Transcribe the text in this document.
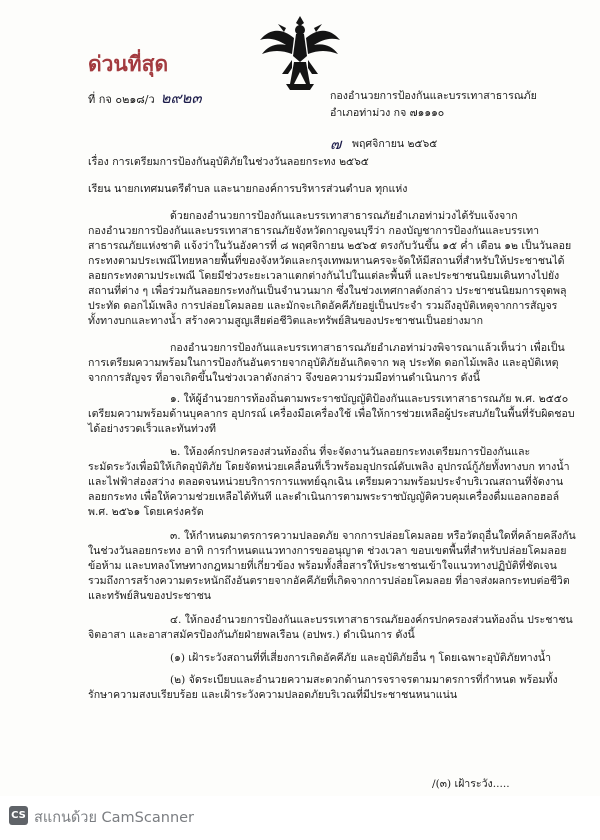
ด่วนที่สุด
ที่ กจ ๐๒๑๘/ว ๒๙๒๓	กองอำนวยการป้องกันและบรรเทาสาธารณภัย
อำเภอท่าม่วง กจ ๗๑๑๑๐
๗ พฤศจิกายน ๒๕๖๕
เรื่อง การเตรียมการป้องกันอุบัติภัยในช่วงวันลอยกระทง ๒๕๖๕
เรียน นายกเทศมนตรีตำบล และนายกองค์การบริหารส่วนตำบล ทุกแห่ง
ด้วยกองอำนวยการป้องกันและบรรเทาสาธารณภัยอำเภอท่าม่วงได้รับแจ้งจาก
กองอำนวยการป้องกันและบรรเทาสาธารณภัยจังหวัดกาญจนบุรีว่า กองบัญชาการป้องกันและบรรเทา
สาธารณภัยแห่งชาติ แจ้งว่าในวันอังคารที่ ๘ พฤศจิกายน ๒๕๖๕ ตรงกับวันขึ้น ๑๕ ค่ำ เดือน ๑๒ เป็นวันลอย
กระทงตามประเพณีไทยหลายพื้นที่ของจังหวัดและกรุงเทพมหานครจะจัดให้มีสถานที่สำหรับให้ประชาชนได้
ลอยกระทงตามประเพณี โดยมีช่วงระยะเวลาแตกต่างกันไปในแต่ละพื้นที่ และประชาชนนิยมเดินทางไปยัง
สถานที่ต่าง ๆ เพื่อร่วมกันลอยกระทงกันเป็นจำนวนมาก ซึ่งในช่วงเทศกาลดังกล่าว ประชาชนนิยมการจุดพลุ
ประทัด ดอกไม้เพลิง การปล่อยโคมลอย และมักจะเกิดอัคคีภัยอยู่เป็นประจำ รวมถึงอุบัติเหตุจากการสัญจร
ทั้งทางบกและทางน้ำ สร้างความสูญเสียต่อชีวิตและทรัพย์สินของประชาชนเป็นอย่างมาก
กองอำนวยการป้องกันและบรรเทาสาธารณภัยอำเภอท่าม่วงพิจารณาแล้วเห็นว่า เพื่อเป็น
การเตรียมความพร้อมในการป้องกันอันตรายจากอุบัติภัยอันเกิดจาก พลุ ประทัด ดอกไม้เพลิง และอุบัติเหตุ
จากการสัญจร ที่อาจเกิดขึ้นในช่วงเวลาดังกล่าว จึงขอความร่วมมือท่านดำเนินการ ดังนี้
๑. ให้ผู้อำนวยการท้องถิ่นตามพระราชบัญญัติป้องกันและบรรเทาสาธารณภัย พ.ศ. ๒๕๕๐
เตรียมความพร้อมด้านบุคลากร อุปกรณ์ เครื่องมือเครื่องใช้ เพื่อให้การช่วยเหลือผู้ประสบภัยในพื้นที่รับผิดชอบ
ได้อย่างรวดเร็วและทันท่วงที
๒. ให้องค์กรปกครองส่วนท้องถิ่น ที่จะจัดงานวันลอยกระทงเตรียมการป้องกันและ
ระมัดระวังเพื่อมิให้เกิดอุบัติภัย โดยจัดหน่วยเคลื่อนที่เร็วพร้อมอุปกรณ์ดับเพลิง อุปกรณ์กู้ภัยทั้งทางบก ทางน้ำ
และไฟฟ้าส่องสว่าง ตลอดจนหน่วยบริการการแพทย์ฉุกเฉิน เตรียมความพร้อมประจำบริเวณสถานที่จัดงาน
ลอยกระทง เพื่อให้ความช่วยเหลือได้ทันที และดำเนินการตามพระราชบัญญัติควบคุมเครื่องดื่มแอลกอฮอล์
พ.ศ. ๒๕๖๑ โดยเคร่งครัด
๓. ให้กำหนดมาตรการความปลอดภัย จากการปล่อยโคมลอย หรือวัตถุอื่นใดที่คล้ายคลึงกัน
ในช่วงวันลอยกระทง อาทิ การกำหนดแนวทางการขออนุญาต ช่วงเวลา ขอบเขตพื้นที่สำหรับปล่อยโคมลอย
ข้อห้าม และบทลงโทษทางกฎหมายที่เกี่ยวข้อง พร้อมทั้งสื่อสารให้ประชาชนเข้าใจแนวทางปฏิบัติที่ชัดเจน
รวมถึงการสร้างความตระหนักถึงอันตรายจากอัคคีภัยที่เกิดจากการปล่อยโคมลอย ที่อาจส่งผลกระทบต่อชีวิต
และทรัพย์สินของประชาชน
๔. ให้กองอำนวยการป้องกันและบรรเทาสาธารณภัยองค์กรปกครองส่วนท้องถิ่น ประชาชน
จิตอาสา และอาสาสมัครป้องกันภัยฝ่ายพลเรือน (อปพร.) ดำเนินการ ดังนี้
(๑) เฝ้าระวังสถานที่ที่เสี่ยงการเกิดอัคคีภัย และอุบัติภัยอื่น ๆ โดยเฉพาะอุบัติภัยทางน้ำ
(๒) จัดระเบียบและอำนวยความสะดวกด้านการจราจรตามมาตรการที่กำหนด พร้อมทั้ง
รักษาความสงบเรียบร้อย และเฝ้าระวังความปลอดภัยบริเวณที่มีประชาชนหนาแน่น
/(๓) เฝ้าระวัง.....
CS สแกนด้วย CamScanner
